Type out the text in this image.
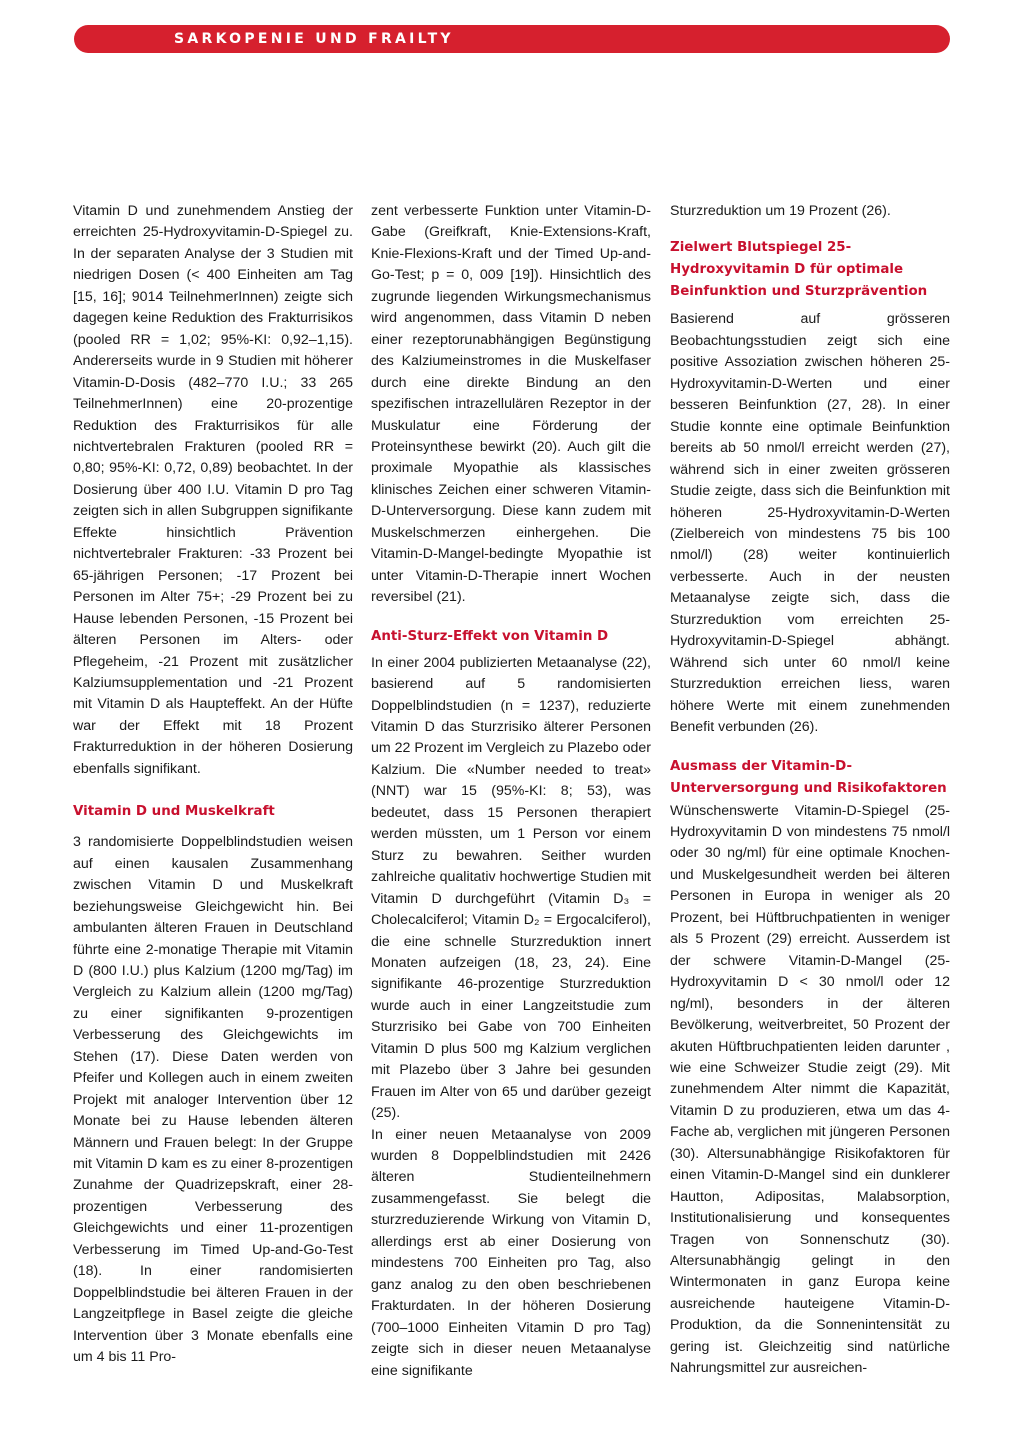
SARKOPENIE UND FRAILTY

Vitamin D und zunehmendem Anstieg der erreichten 25-Hydroxyvitamin-D-Spiegel zu. In der separaten Analyse der 3 Studien mit niedrigen Dosen (< 400 Einheiten am Tag [15, 16]; 9014 TeilnehmerInnen) zeigte sich dagegen keine Reduktion des Frakturrisikos (pooled RR = 1,02; 95%-KI: 0,92–1,15). Andererseits wurde in 9 Studien mit höherer Vitamin-D-Dosis (482–770 I.U.; 33 265 TeilnehmerInnen) eine 20-prozentige Reduktion des Frakturrisikos für alle nichtvertebralen Frakturen (pooled RR = 0,80; 95%-KI: 0,72, 0,89) beobachtet. In der Dosierung über 400 I.U. Vitamin D pro Tag zeigten sich in allen Subgruppen signifikante Effekte hinsichtlich Prävention nichtvertebraler Frakturen: -33 Prozent bei 65-jährigen Personen; -17 Prozent bei Personen im Alter 75+; -29 Prozent bei zu Hause lebenden Personen, -15 Prozent bei älteren Personen im Alters- oder Pflegeheim, -21 Prozent mit zusätzlicher Kalziumsupplementation und -21 Prozent mit Vitamin D als Haupteffekt. An der Hüfte war der Effekt mit 18 Prozent Frakturreduktion in der höheren Dosierung ebenfalls signifikant.

Vitamin D und Muskelkraft

3 randomisierte Doppelblindstudien weisen auf einen kausalen Zusammenhang zwischen Vitamin D und Muskelkraft beziehungsweise Gleichgewicht hin. Bei ambulanten älteren Frauen in Deutschland führte eine 2-monatige Therapie mit Vitamin D (800 I.U.) plus Kalzium (1200 mg/Tag) im Vergleich zu Kalzium allein (1200 mg/Tag) zu einer signifikanten 9-prozentigen Verbesserung des Gleichgewichts im Stehen (17). Diese Daten werden von Pfeifer und Kollegen auch in einem zweiten Projekt mit analoger Intervention über 12 Monate bei zu Hause lebenden älteren Männern und Frauen belegt: In der Gruppe mit Vitamin D kam es zu einer 8-prozentigen Zunahme der Quadrizepskraft, einer 28-prozentigen Verbesserung des Gleichgewichts und einer 11-prozentigen Verbesserung im Timed Up-and-Go-Test (18). In einer randomisierten Doppelblindstudie bei älteren Frauen in der Langzeitpflege in Basel zeigte die gleiche Intervention über 3 Monate ebenfalls eine um 4 bis 11 Pro-

zent verbesserte Funktion unter Vitamin-D-Gabe (Greifkraft, Knie-Extensions-Kraft, Knie-Flexions-Kraft und der Timed Up-and-Go-Test; p = 0, 009 [19]). Hinsichtlich des zugrunde liegenden Wirkungsmechanismus wird angenommen, dass Vitamin D neben einer rezeptorunabhängigen Begünstigung des Kalziumeinstromes in die Muskelfaser durch eine direkte Bindung an den spezifischen intrazellulären Rezeptor in der Muskulatur eine Förderung der Proteinsynthese bewirkt (20). Auch gilt die proximale Myopathie als klassisches klinisches Zeichen einer schweren Vitamin-D-Unterversorgung. Diese kann zudem mit Muskelschmerzen einhergehen. Die Vitamin-D-Mangel-bedingte Myopathie ist unter Vitamin-D-Therapie innert Wochen reversibel (21).

Anti-Sturz-Effekt von Vitamin D

In einer 2004 publizierten Metaanalyse (22), basierend auf 5 randomisierten Doppelblindstudien (n = 1237), reduzierte Vitamin D das Sturzrisiko älterer Personen um 22 Prozent im Vergleich zu Plazebo oder Kalzium. Die «Number needed to treat» (NNT) war 15 (95%-KI: 8; 53), was bedeutet, dass 15 Personen therapiert werden müssten, um 1 Person vor einem Sturz zu bewahren. Seither wurden zahlreiche qualitativ hochwertige Studien mit Vitamin D durchgeführt (Vitamin D₃ = Cholecalciferol; Vitamin D₂ = Ergocalciferol), die eine schnelle Sturzreduktion innert Monaten aufzeigen (18, 23, 24). Eine signifikante 46-prozentige Sturzreduktion wurde auch in einer Langzeitstudie zum Sturzrisiko bei Gabe von 700 Einheiten Vitamin D plus 500 mg Kalzium verglichen mit Plazebo über 3 Jahre bei gesunden Frauen im Alter von 65 und darüber gezeigt (25).

In einer neuen Metaanalyse von 2009 wurden 8 Doppelblindstudien mit 2426 älteren Studienteilnehmern zusammengefasst. Sie belegt die sturzreduzierende Wirkung von Vitamin D, allerdings erst ab einer Dosierung von mindestens 700 Einheiten pro Tag, also ganz analog zu den oben beschriebenen Frakturdaten. In der höheren Dosierung (700–1000 Einheiten Vitamin D pro Tag) zeigte sich in dieser neuen Metaanalyse eine signifikante

Sturzreduktion um 19 Prozent (26).

Zielwert Blutspiegel 25-Hydroxyvitamin D für optimale Beinfunktion und Sturzprävention

Basierend auf grösseren Beobachtungsstudien zeigt sich eine positive Assoziation zwischen höheren 25-Hydroxyvitamin-D-Werten und einer besseren Beinfunktion (27, 28). In einer Studie konnte eine optimale Beinfunktion bereits ab 50 nmol/l erreicht werden (27), während sich in einer zweiten grösseren Studie zeigte, dass sich die Beinfunktion mit höheren 25-Hydroxyvitamin-D-Werten (Zielbereich von mindestens 75 bis 100 nmol/l) (28) weiter kontinuierlich verbesserte. Auch in der neusten Metaanalyse zeigte sich, dass die Sturzreduktion vom erreichten 25-Hydroxyvitamin-D-Spiegel abhängt. Während sich unter 60 nmol/l keine Sturzreduktion erreichen liess, waren höhere Werte mit einem zunehmenden Benefit verbunden (26).

Ausmass der Vitamin-D-Unterversorgung und Risikofaktoren

Wünschenswerte Vitamin-D-Spiegel (25-Hydroxyvitamin D von mindestens 75 nmol/l oder 30 ng/ml) für eine optimale Knochen- und Muskelgesundheit werden bei älteren Personen in Europa in weniger als 20 Prozent, bei Hüftbruchpatienten in weniger als 5 Prozent (29) erreicht. Ausserdem ist der schwere Vitamin-D-Mangel (25-Hydroxyvitamin D < 30 nmol/l oder 12 ng/ml), besonders in der älteren Bevölkerung, weitverbreitet, 50 Prozent der akuten Hüftbruchpatienten leiden darunter , wie eine Schweizer Studie zeigt (29). Mit zunehmendem Alter nimmt die Kapazität, Vitamin D zu produzieren, etwa um das 4-Fache ab, verglichen mit jüngeren Personen (30). Altersunabhängige Risikofaktoren für einen Vitamin-D-Mangel sind ein dunklerer Hautton, Adipositas, Malabsorption, Institutionalisierung und konsequentes Tragen von Sonnenschutz (30). Altersunabhängig gelingt in den Wintermonaten in ganz Europa keine ausreichende hauteigene Vitamin-D-Produktion, da die Sonnenintensität zu gering ist. Gleichzeitig sind natürliche Nahrungsmittel zur ausreichen-
